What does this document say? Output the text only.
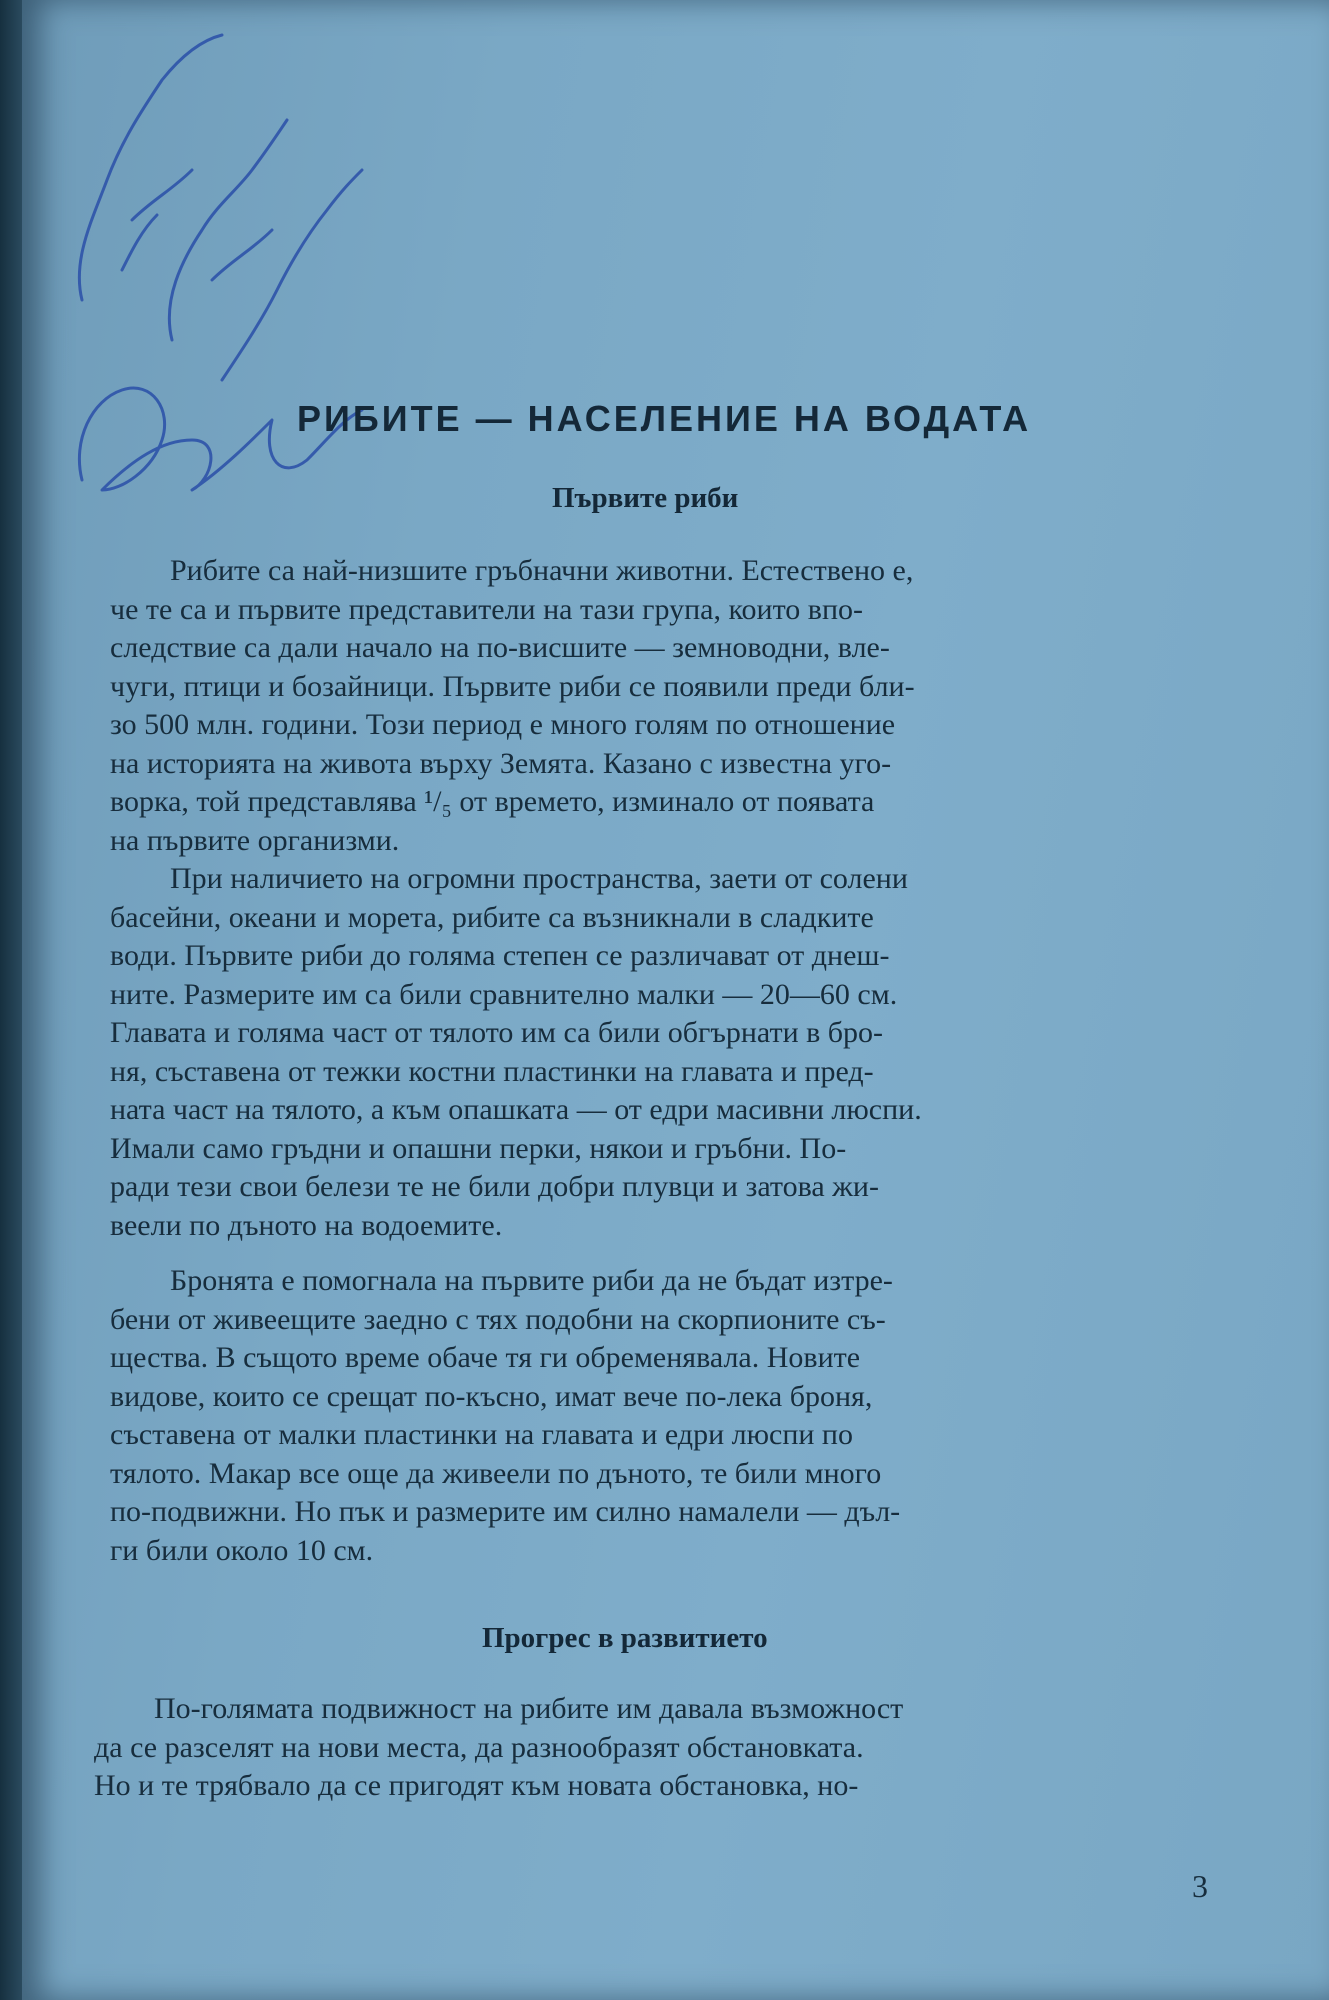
РИБИТЕ — НАСЕЛЕНИЕ НА ВОДАТА
Първите риби
Рибите са най-низшите гръбначни животни. Естествено е,
че те са и първите представители на тази група, които впо-
следствие са дали начало на по-висшите — земноводни, вле-
чуги, птици и бозайници. Първите риби се появили преди бли-
зо 500 млн. години. Този период е много голям по отношение
на историята на живота върху Земята. Казано с известна уго-
ворка, той представлява ¹/₅ от времето, изминало от появата
на първите организми.
При наличието на огромни пространства, заети от солени
басейни, океани и морета, рибите са възникнали в сладките
води. Първите риби до голяма степен се различават от днеш-
ните. Размерите им са били сравнително малки — 20—60 см.
Главата и голяма част от тялото им са били обгърнати в бро-
ня, съставена от тежки костни пластинки на главата и пред-
ната част на тялото, а към опашката — от едри масивни люспи.
Имали само гръдни и опашни перки, някои и гръбни. По-
ради тези свои белези те не били добри плувци и затова жи-
веели по дъното на водоемите.
Бронята е помогнала на първите риби да не бъдат изтре-
бени от живеещите заедно с тях подобни на скорпионите съ-
щества. В същото време обаче тя ги обременявала. Новите
видове, които се срещат по-късно, имат вече по-лека броня,
съставена от малки пластинки на главата и едри люспи по
тялото. Макар все още да живеели по дъното, те били много
по-подвижни. Но пък и размерите им силно намалели — дъл-
ги били около 10 см.
Прогрес в развитието
По-голямата подвижност на рибите им давала възможност
да се разселят на нови места, да разнообразят обстановката.
Но и те трябвало да се пригодят към новата обстановка, но-
3
